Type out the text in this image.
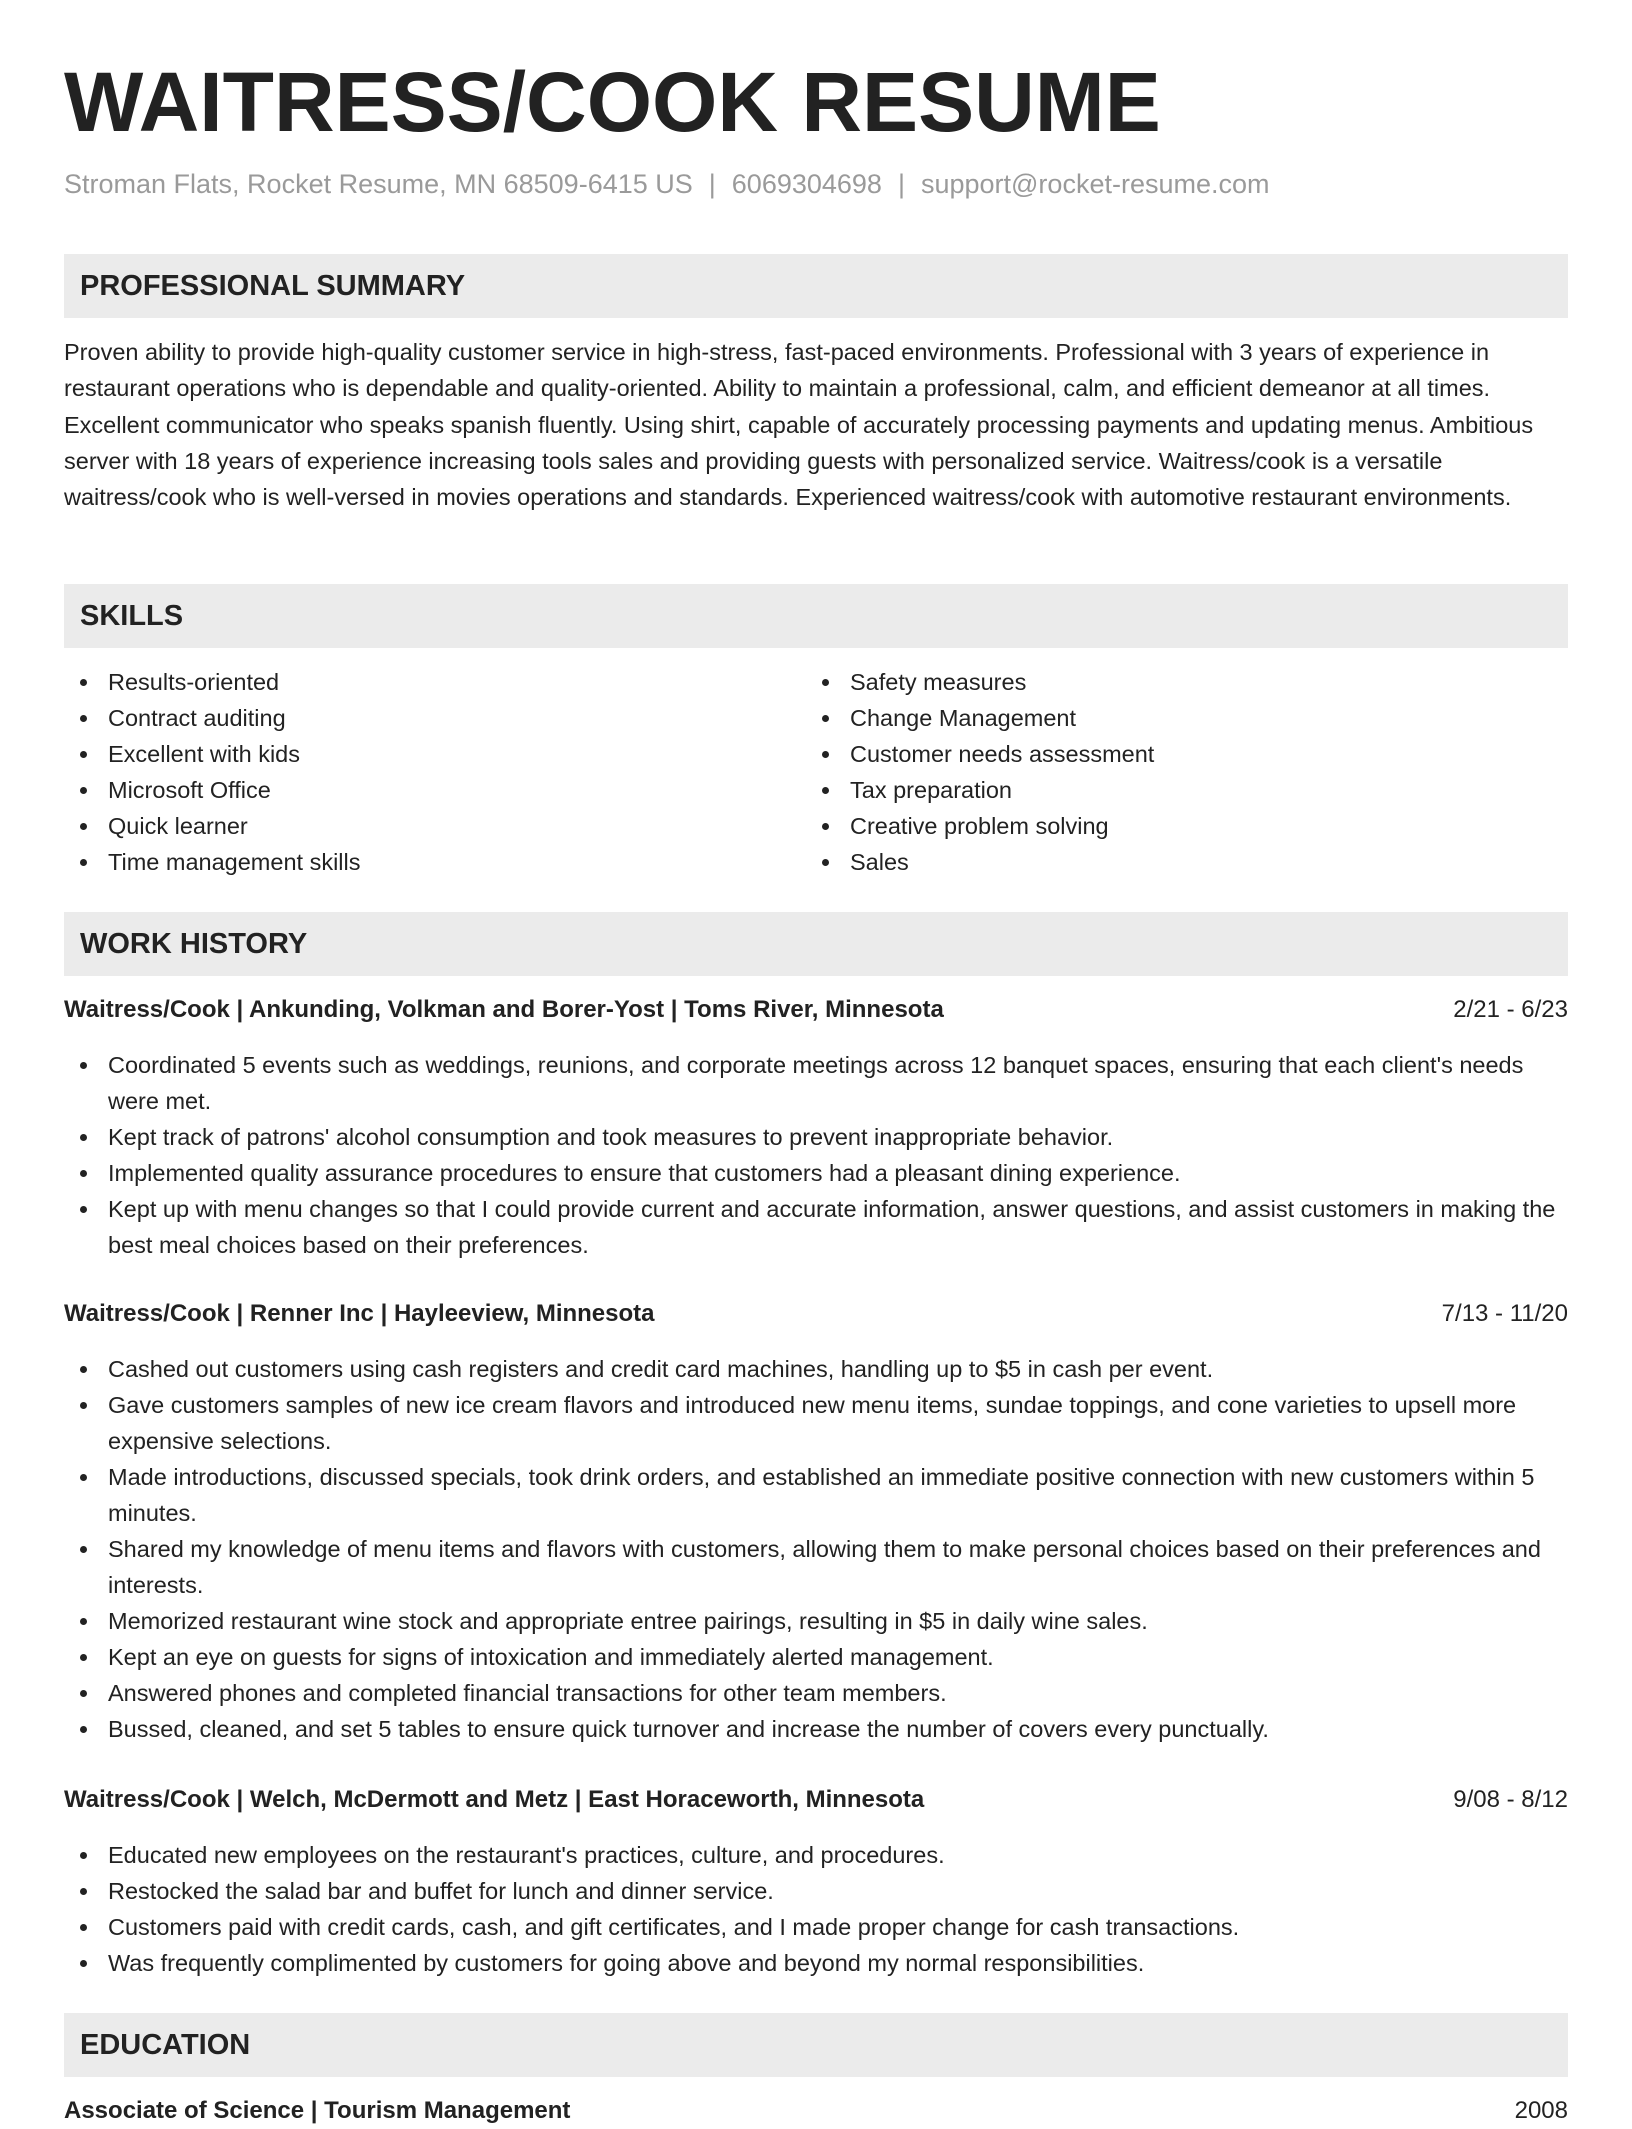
WAITRESS/COOK RESUME
Stroman Flats, Rocket Resume, MN 68509-6415 US | 6069304698 | support@rocket-resume.com
PROFESSIONAL SUMMARY
Proven ability to provide high-quality customer service in high-stress, fast-paced environments. Professional with 3 years of experience in restaurant operations who is dependable and quality-oriented. Ability to maintain a professional, calm, and efficient demeanor at all times. Excellent communicator who speaks spanish fluently. Using shirt, capable of accurately processing payments and updating menus. Ambitious server with 18 years of experience increasing tools sales and providing guests with personalized service. Waitress/cook is a versatile waitress/cook who is well-versed in movies operations and standards. Experienced waitress/cook with automotive restaurant environments.
SKILLS
Results-oriented
Contract auditing
Excellent with kids
Microsoft Office
Quick learner
Time management skills
Safety measures
Change Management
Customer needs assessment
Tax preparation
Creative problem solving
Sales
WORK HISTORY
Waitress/Cook | Ankunding, Volkman and Borer-Yost | Toms River, Minnesota	2/21 - 6/23
Coordinated 5 events such as weddings, reunions, and corporate meetings across 12 banquet spaces, ensuring that each client's needs were met.
Kept track of patrons' alcohol consumption and took measures to prevent inappropriate behavior.
Implemented quality assurance procedures to ensure that customers had a pleasant dining experience.
Kept up with menu changes so that I could provide current and accurate information, answer questions, and assist customers in making the best meal choices based on their preferences.
Waitress/Cook | Renner Inc | Hayleeview, Minnesota	7/13 - 11/20
Cashed out customers using cash registers and credit card machines, handling up to $5 in cash per event.
Gave customers samples of new ice cream flavors and introduced new menu items, sundae toppings, and cone varieties to upsell more expensive selections.
Made introductions, discussed specials, took drink orders, and established an immediate positive connection with new customers within 5 minutes.
Shared my knowledge of menu items and flavors with customers, allowing them to make personal choices based on their preferences and interests.
Memorized restaurant wine stock and appropriate entree pairings, resulting in $5 in daily wine sales.
Kept an eye on guests for signs of intoxication and immediately alerted management.
Answered phones and completed financial transactions for other team members.
Bussed, cleaned, and set 5 tables to ensure quick turnover and increase the number of covers every punctually.
Waitress/Cook | Welch, McDermott and Metz | East Horaceworth, Minnesota	9/08 - 8/12
Educated new employees on the restaurant's practices, culture, and procedures.
Restocked the salad bar and buffet for lunch and dinner service.
Customers paid with credit cards, cash, and gift certificates, and I made proper change for cash transactions.
Was frequently complimented by customers for going above and beyond my normal responsibilities.
EDUCATION
Associate of Science | Tourism Management	2008
